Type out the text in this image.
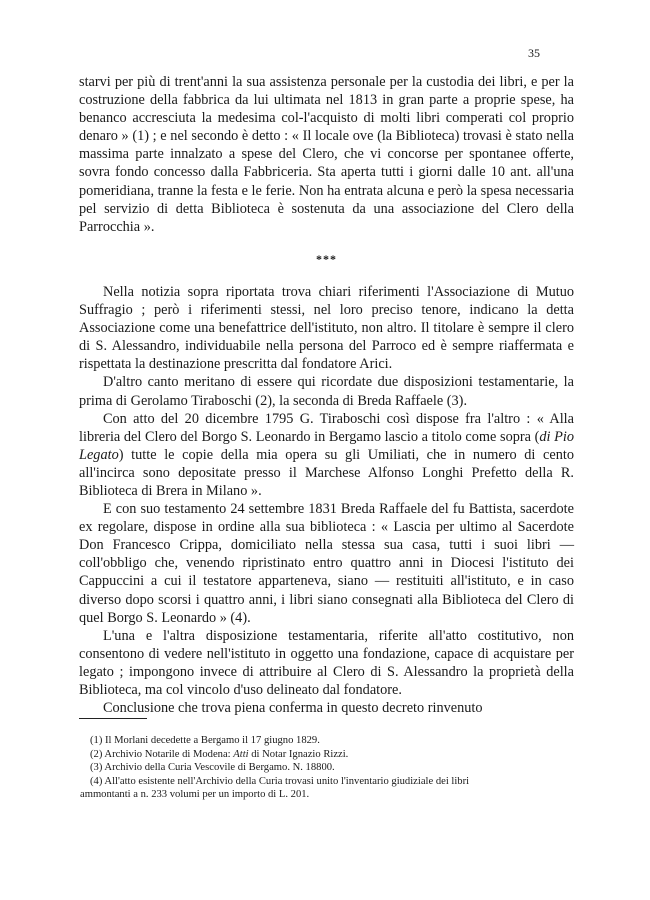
35

starvi per più di trent'anni la sua assistenza personale per la custodia dei libri, e per la costruzione della fabbrica da lui ultimata nel 1813 in gran parte a proprie spese, ha benanco accresciuta la medesima col-l'acquisto di molti libri comperati col proprio denaro » (1) ; e nel secondo è detto : « Il locale ove (la Biblioteca) trovasi è stato nella massima parte innalzato a spese del Clero, che vi concorse per spontanee offerte, sovra fondo concesso dalla Fabbriceria. Sta aperta tutti i giorni dalle 10 ant. all'una pomeridiana, tranne la festa e le ferie. Non ha entrata alcuna e però la spesa necessaria pel servizio di detta Biblioteca è sostenuta da una associazione del Clero della Parrocchia ».

***

Nella notizia sopra riportata trova chiari riferimenti l'Associazione di Mutuo Suffragio ; però i riferimenti stessi, nel loro preciso tenore, indicano la detta Associazione come una benefattrice dell'istituto, non altro. Il titolare è sempre il clero di S. Alessandro, individuabile nella persona del Parroco ed è sempre riaffermata e rispettata la destinazione prescritta dal fondatore Arici.

D'altro canto meritano di essere qui ricordate due disposizioni testamentarie, la prima di Gerolamo Tiraboschi (2), la seconda di Breda Raffaele (3).

Con atto del 20 dicembre 1795 G. Tiraboschi così dispose fra l'altro : « Alla libreria del Clero del Borgo S. Leonardo in Bergamo lascio a titolo come sopra (di Pio Legato) tutte le copie della mia opera su gli Umiliati, che in numero di cento all'incirca sono depositate presso il Marchese Alfonso Longhi Prefetto della R. Biblioteca di Brera in Milano ».

E con suo testamento 24 settembre 1831 Breda Raffaele del fu Battista, sacerdote ex regolare, dispose in ordine alla sua biblioteca : « Lascia per ultimo al Sacerdote Don Francesco Crippa, domiciliato nella stessa sua casa, tutti i suoi libri — coll'obbligo che, venendo ripristinato entro quattro anni in Diocesi l'istituto dei Cappuccini a cui il testatore apparteneva, siano — restituiti all'istituto, e in caso diverso dopo scorsi i quattro anni, i libri siano consegnati alla Biblioteca del Clero di quel Borgo S. Leonardo » (4).

L'una e l'altra disposizione testamentaria, riferite all'atto costitutivo, non consentono di vedere nell'istituto in oggetto una fondazione, capace di acquistare per legato ; impongono invece di attribuire al Clero di S. Alessandro la proprietà della Biblioteca, ma col vincolo d'uso delineato dal fondatore.

Conclusione che trova piena conferma in questo decreto rinvenuto

(1) Il Morlani decedette a Bergamo il 17 giugno 1829.
(2) Archivio Notarile di Modena: Atti di Notar Ignazio Rizzi.
(3) Archivio della Curia Vescovile di Bergamo. N. 18800.
(4) All'atto esistente nell'Archivio della Curia trovasi unito l'inventario giudiziale dei libri
ammontanti a n. 233 volumi per un importo di L. 201.
